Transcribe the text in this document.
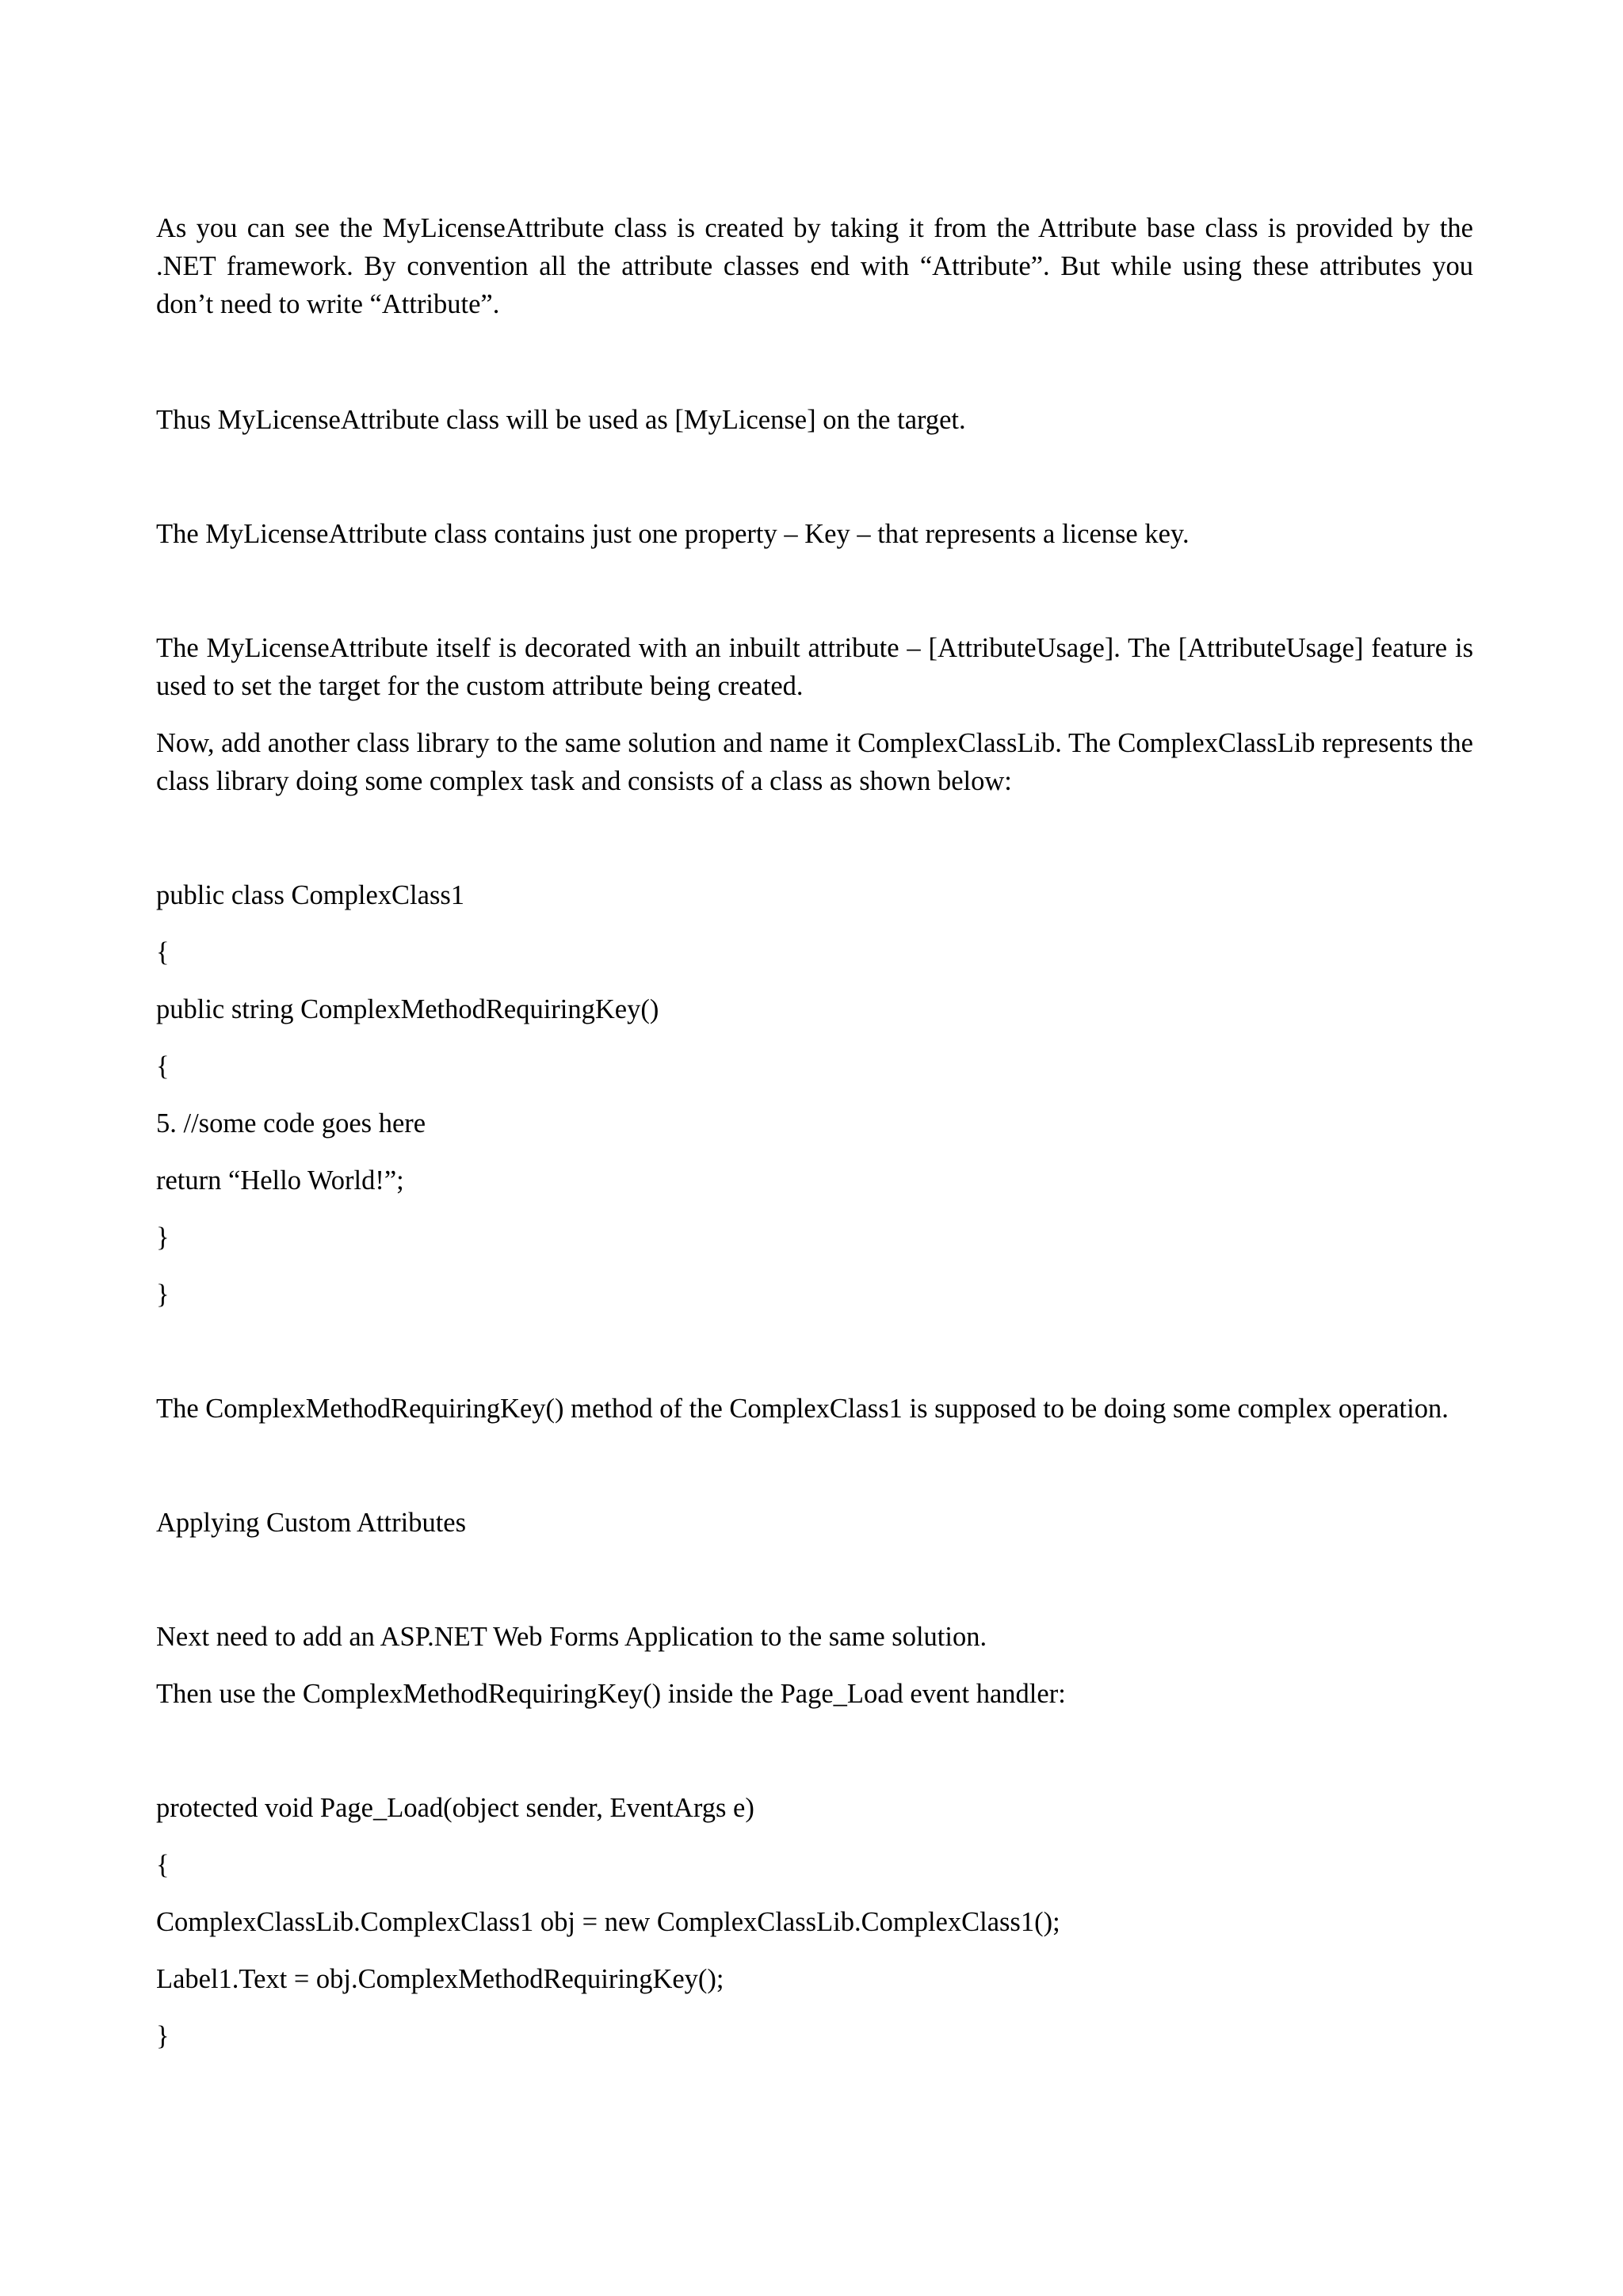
As you can see the MyLicenseAttribute class is created by taking it from the Attribute base class is provided by the .NET framework. By convention all the attribute classes end with “Attribute”. But while using these attributes you don’t need to write “Attribute”.
Thus MyLicenseAttribute class will be used as [MyLicense] on the target.
The MyLicenseAttribute class contains just one property – Key – that represents a license key.
The MyLicenseAttribute itself is decorated with an inbuilt attribute – [AttributeUsage]. The [AttributeUsage] feature is used to set the target for the custom attribute being created.
Now, add another class library to the same solution and name it ComplexClassLib. The ComplexClassLib represents the class library doing some complex task and consists of a class as shown below:
public class ComplexClass1
{
public string ComplexMethodRequiringKey()
{
5. //some code goes here
return “Hello World!”;
}
}
The ComplexMethodRequiringKey() method of the ComplexClass1 is supposed to be doing some complex operation.
Applying Custom Attributes
Next need to add an ASP.NET Web Forms Application to the same solution.
Then use the ComplexMethodRequiringKey() inside the Page_Load event handler:
protected void Page_Load(object sender, EventArgs e)
{
ComplexClassLib.ComplexClass1 obj = new ComplexClassLib.ComplexClass1();
Label1.Text = obj.ComplexMethodRequiringKey();
}
